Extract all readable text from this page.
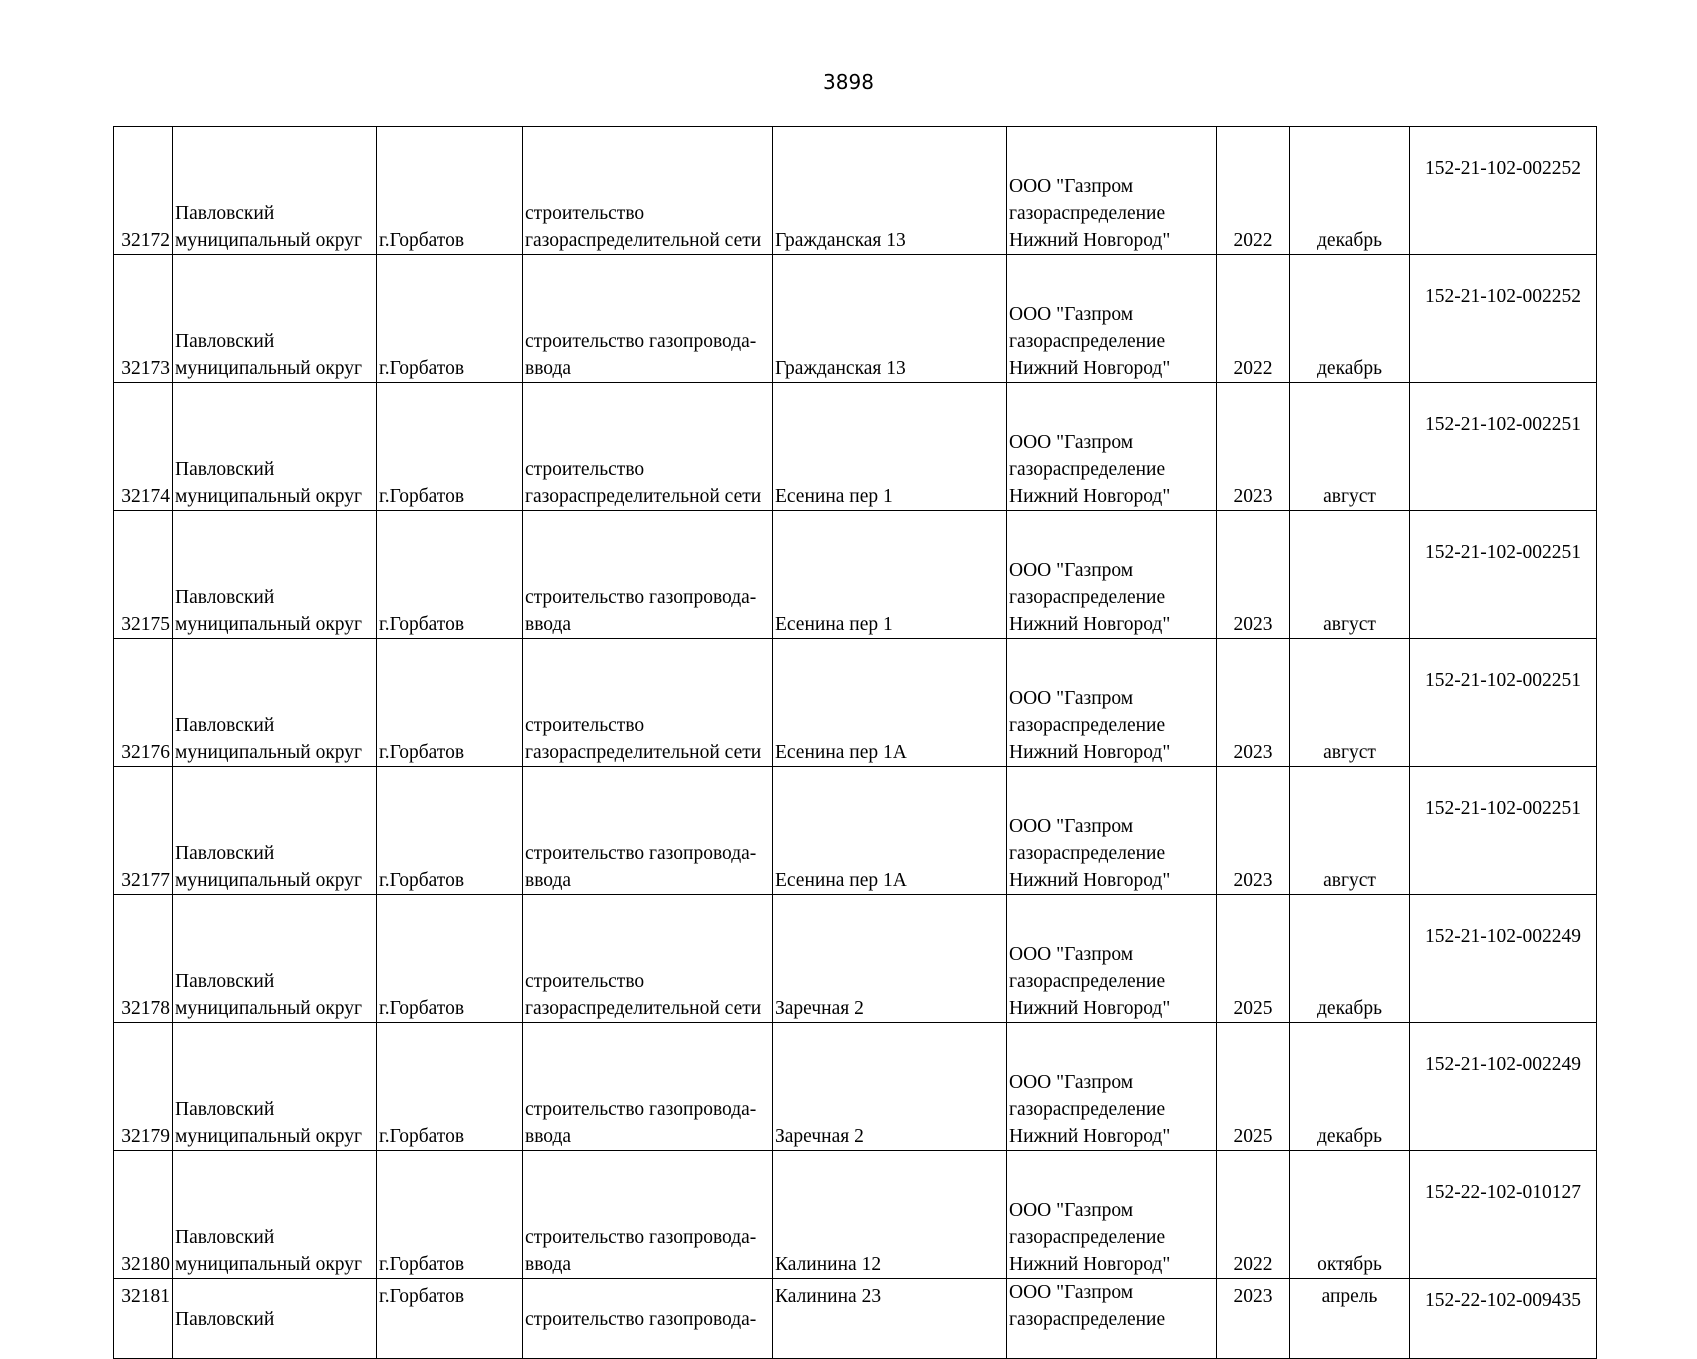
3898
32172	Павловский
муниципальный округ	г.Горбатов	строительство
газораспределительной сети	Гражданская 13	ООО "Газпром
газораспределение
Нижний Новгород"	2022	декабрь	152-21-102-002252

32173	Павловский
муниципальный округ	г.Горбатов	строительство газопровода-
ввода	Гражданская 13	ООО "Газпром
газораспределение
Нижний Новгород"	2022	декабрь	152-21-102-002252

32174	Павловский
муниципальный округ	г.Горбатов	строительство
газораспределительной сети	Есенина пер 1	ООО "Газпром
газораспределение
Нижний Новгород"	2023	август	152-21-102-002251

32175	Павловский
муниципальный округ	г.Горбатов	строительство газопровода-
ввода	Есенина пер 1	ООО "Газпром
газораспределение
Нижний Новгород"	2023	август	152-21-102-002251

32176	Павловский
муниципальный округ	г.Горбатов	строительство
газораспределительной сети	Есенина пер 1А	ООО "Газпром
газораспределение
Нижний Новгород"	2023	август	152-21-102-002251

32177	Павловский
муниципальный округ	г.Горбатов	строительство газопровода-
ввода	Есенина пер 1А	ООО "Газпром
газораспределение
Нижний Новгород"	2023	август	152-21-102-002251

32178	Павловский
муниципальный округ	г.Горбатов	строительство
газораспределительной сети	Заречная 2	ООО "Газпром
газораспределение
Нижний Новгород"	2025	декабрь	152-21-102-002249

32179	Павловский
муниципальный округ	г.Горбатов	строительство газопровода-
ввода	Заречная 2	ООО "Газпром
газораспределение
Нижний Новгород"	2025	декабрь	152-21-102-002249

32180	Павловский
муниципальный округ	г.Горбатов	строительство газопровода-
ввода	Калинина 12	ООО "Газпром
газораспределение
Нижний Новгород"	2022	октябрь	152-22-102-010127

32181	Павловский	г.Горбатов	строительство газопровода-	Калинина 23	ООО "Газпром
газораспределение	2023	апрель	152-22-102-009435
